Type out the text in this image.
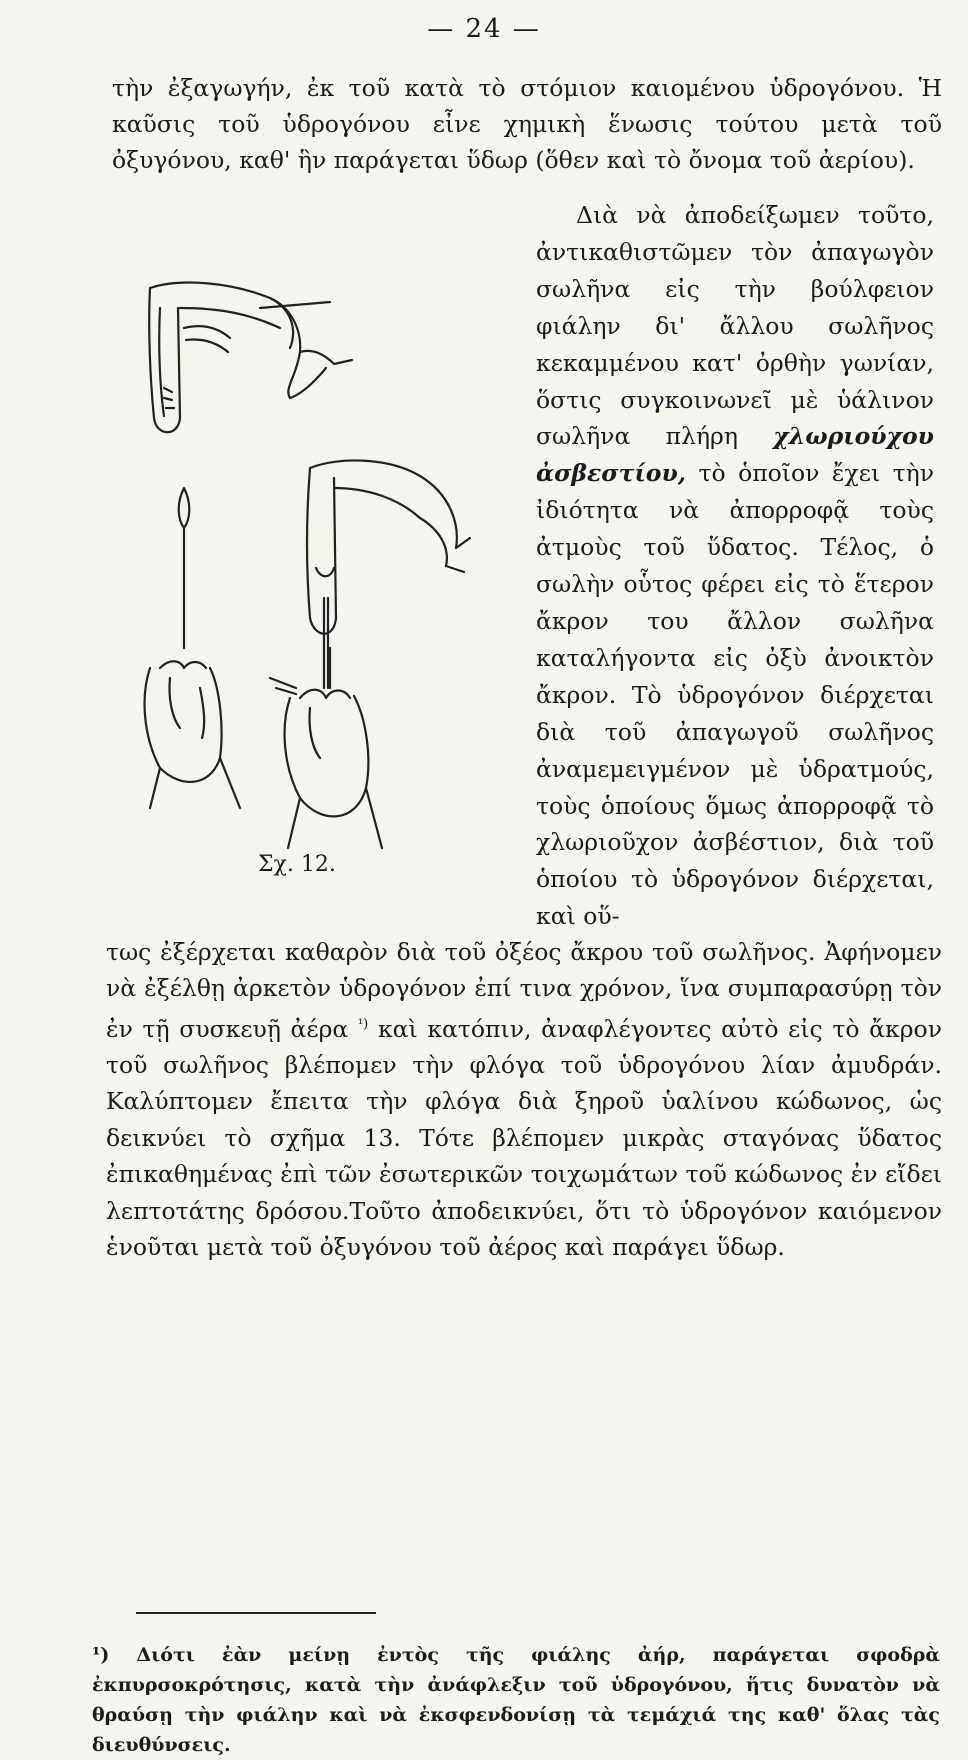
— 24 —

τὴν ἐξαγωγήν, ἐκ τοῦ κατὰ τὸ στόμιον καιομένου ὑδρογόνου. Ἡ καῦσις τοῦ ὑδρογόνου εἶνε χημικὴ ἕνωσις τούτου μετὰ τοῦ ὀξυγόνου, καθ' ἣν παράγεται ὕδωρ (ὅθεν καὶ τὸ ὄνομα τοῦ ἀερίου).

Σχ. 12.

Διὰ νὰ ἀποδείξωμεν τοῦτο, ἀντικαθιστῶμεν τὸν ἀπαγωγὸν σωλῆνα εἰς τὴν βούλφειον φιάλην δι' ἄλλου σωλῆνος κεκαμμένου κατ' ὀρθὴν γωνίαν, ὅστις συγκοινωνεῖ μὲ ὑάλινον σωλῆνα πλήρη χλωριούχου ἀσβεστίου, τὸ ὁποῖον ἔχει τὴν ἰδιότητα νὰ ἀπορροφᾷ τοὺς ἀτμοὺς τοῦ ὕδατος. Τέλος, ὁ σωλὴν οὗτος φέρει εἰς τὸ ἕτερον ἄκρον του ἄλλον σωλῆνα καταλήγοντα εἰς ὀξὺ ἀνοικτὸν ἄκρον. Τὸ ὑδρογόνον διέρχεται διὰ τοῦ ἀπαγωγοῦ σωλῆνος ἀναμεμειγμένον μὲ ὑδρατμούς, τοὺς ὁποίους ὅμως ἀπορροφᾷ τὸ χλωριοῦχον ἀσβέστιον, διὰ τοῦ ὁποίου τὸ ὑδρογόνον διέρχεται, καὶ οὕ-

τως ἐξέρχεται καθαρὸν διὰ τοῦ ὀξέος ἄκρου τοῦ σωλῆνος. Ἀφήνομεν νὰ ἐξέλθῃ ἀρκετὸν ὑδρογόνον ἐπί τινα χρόνον, ἵνα συμπαρασύρῃ τὸν ἐν τῇ συσκευῇ ἀέρα $^{^1)}$ καὶ κατόπιν, ἀναφλέγοντες αὐτὸ εἰς τὸ ἄκρον τοῦ σωλῆνος βλέπομεν τὴν φλόγα τοῦ ὑδρογόνου λίαν ἀμυδράν. Καλύπτομεν ἔπειτα τὴν φλόγα διὰ ξηροῦ ὑαλίνου κώδωνος, ὡς δεικνύει τὸ σχῆμα 13. Τότε βλέπομεν μικρὰς σταγόνας ὕδατος ἐπικαθημένας ἐπὶ τῶν ἐσωτερικῶν τοιχωμάτων τοῦ κώδωνος ἐν εἴδει λεπτοτάτης δρόσου.Τοῦτο ἀποδεικνύει, ὅτι τὸ ὑδρογόνον καιόμενον ἑνοῦται μετὰ τοῦ ὀξυγόνου τοῦ ἀέρος καὶ παράγει ὕδωρ.

¹) Διότι ἐὰν μείνῃ ἐντὸς τῆς φιάλης ἀήρ, παράγεται σφοδρὰ ἐκπυρσοκρότησις, κατὰ τὴν ἀνάφλεξιν τοῦ ὑδρογόνου, ἥτις δυνατὸν νὰ θραύσῃ τὴν φιάλην καὶ νὰ ἐκσφενδονίσῃ τὰ τεμάχιά της καθ' ὅλας τὰς διευθύνσεις.
